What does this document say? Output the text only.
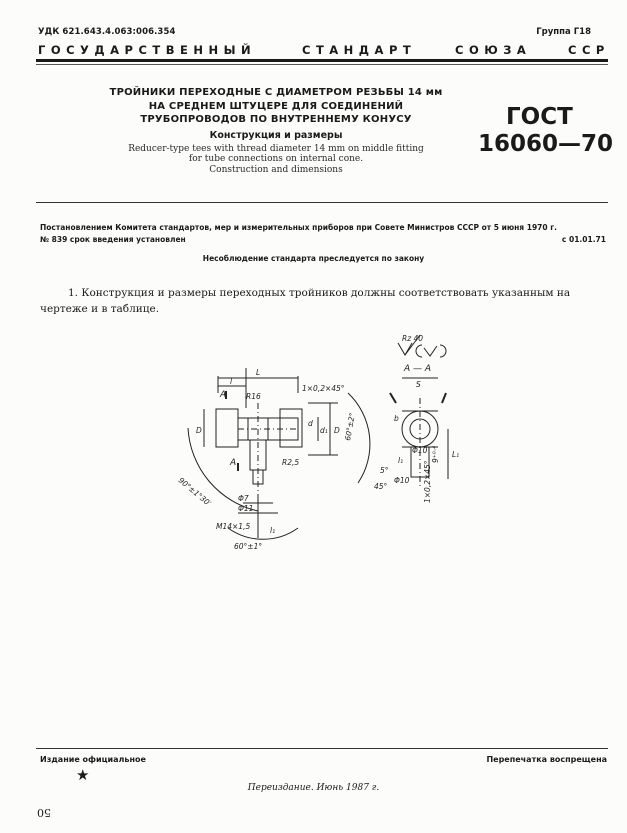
УДК 621.643.4.063:006.354	Группа Г18
ГОСУДАРСТВЕННЫЙ	СТАНДАРТ	СОЮЗА	ССР
ТРОЙНИКИ ПЕРЕХОДНЫЕ С ДИАМЕТРОМ РЕЗЬБЫ 14 мм
НА СРЕДНЕМ ШТУЦЕРЕ ДЛЯ СОЕДИНЕНИЙ
ТРУБОПРОВОДОВ ПО ВНУТРЕННЕМУ КОНУСУ
Конструкция и размеры
Reducer-type tees with thread diameter 14 mm on middle fitting
for tube connections on internal cone.
Construction and dimensions
ГОСТ
16060—70
Постановлением Комитета стандартов, мер и измерительных приборов при Совете Министров СССР от 5 июня 1970 г.
№ 839 срок введения установлен	с 01.01.71
Несоблюдение стандарта преследуется по закону
1. Конструкция и размеры переходных тройников должны соответствовать указанным на чертеже и в таблице.
Rz 40
А — А
L
l
R16
1×0,2×45°
D	D
d
d₁
А
А
60°±2°
90°±1°30′
60°±1°
R2,5
Φ7
Φ11
М14×1,5	l₁
S
Φ10 9⁺⁰·⁴ L₁
1×0,2×45°
b
l₁
Φ10
5°
45°
Издание официальное	Перепечатка воспрещена
★
Переиздание. Июнь 1987 г.
50
